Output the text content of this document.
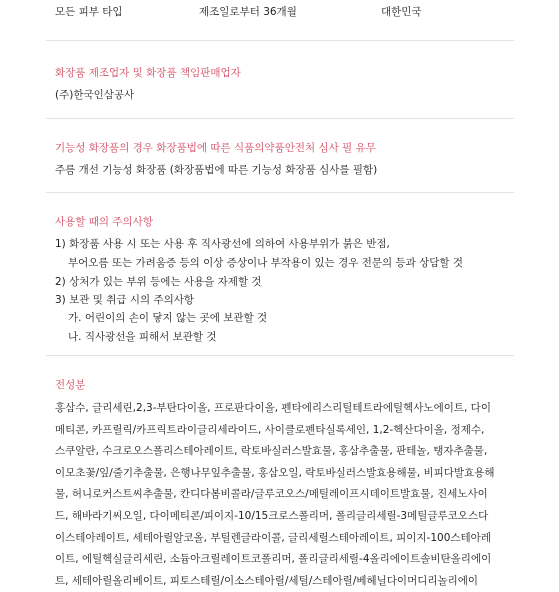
모든 피부 타입	제조일로부터 36개월	대한민국
화장품 제조업자 및 화장품 책임판매업자
(주)한국인삼공사
기능성 화장품의 경우 화장품법에 따른 식품의약품안전처 심사 필 유무
주름 개선 기능성 화장품 (화장품법에 따른 기능성 화장품 심사를 필함)
사용할 때의 주의사항
1) 화장품 사용 시 또는 사용 후 직사광선에 의하여 사용부위가 붉은 반점,
부어오름 또는 가려움증 등의 이상 증상이나 부작용이 있는 경우 전문의 등과 상담할 것
2) 상처가 있는 부위 등에는 사용을 자제할 것
3) 보관 및 취급 시의 주의사항
가. 어린이의 손이 닿지 않는 곳에 보관할 것
나. 직사광선을 피해서 보관할 것
전성분
홍삼수, 글리세린,2,3-부탄다이올, 프로판다이올, 펜타에리스리틸테트라에틸헥사노에이트, 다이
메티콘, 카프릴릭/카프릭트라이글리세라이드, 사이클로펜타실록세인, 1,2-헥산다이올, 정제수,
스쿠알란, 수크로오스폴리스테아레이트, 락토바실러스발효물, 홍삼추출물, 판테놀, 탱자추출물,
이모초꽃/잎/줄기추출물, 은행나무잎추출물, 홍삼오일, 락토바실러스발효용해물, 비피다발효용해
물, 허니로커스트씨추출물, 칸디다봄비콜라/글루코오스/메틸레이프시데이트발효물, 진세노사이
드, 해바라기씨오일, 다이메티콘/피이지-10/15크로스폴리머, 폴리글리세릴-3메틸글루코오스다
이스테아레이트, 세테아릴알코올, 부틸렌글라이콜, 글리세릴스테아레이트, 피이지-100스테아레
이트, 에틸헥실글리세린, 소듐아크릴레이트코폴리머, 폴리글리세릴-4올리에이트솔비탄올리에이
트, 세테아릴올리베이트, 피토스테릴/이소스테아릴/세틸/스테아릴/베헤닐다이머디리놀리에이
